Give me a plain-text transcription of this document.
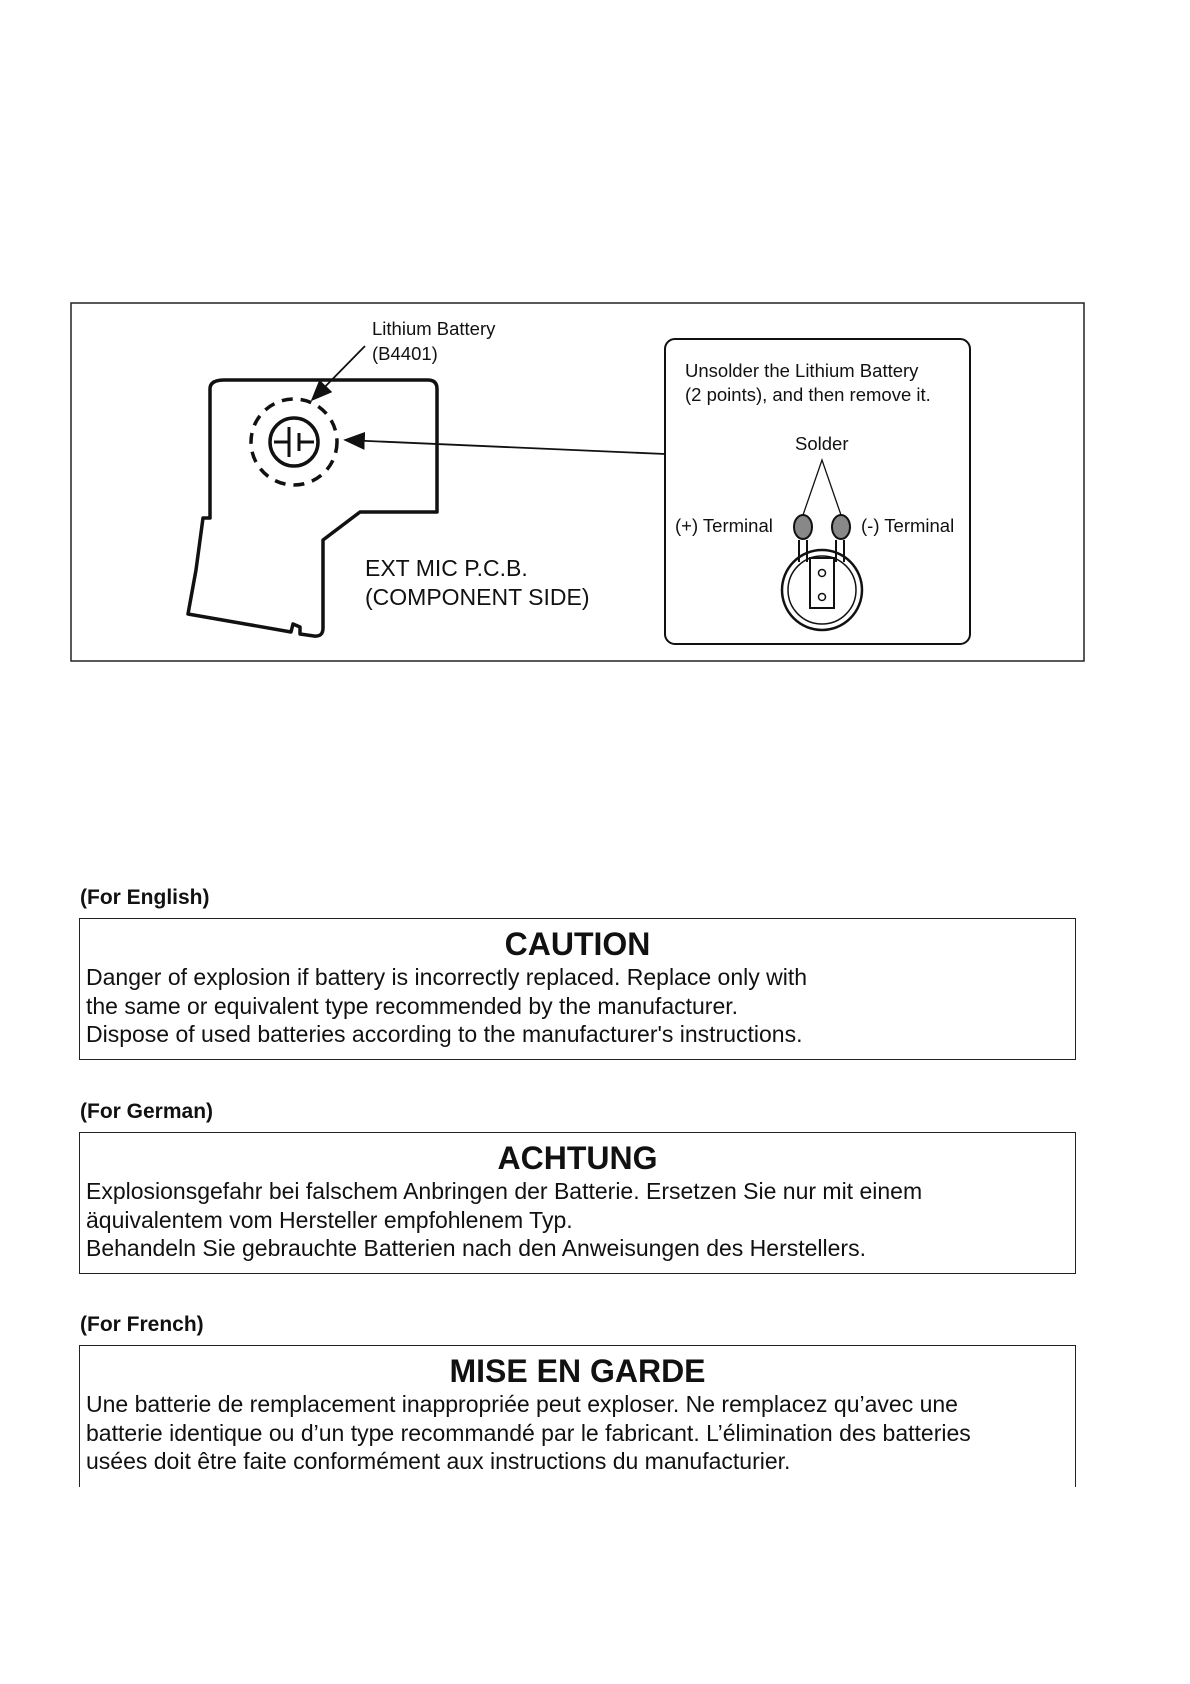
Lithium Battery
(B4401)
EXT MIC P.C.B.
(COMPONENT SIDE)
Unsolder the Lithium Battery
(2 points), and then remove it.
Solder
(+) Terminal	(-) Terminal
(For English)
CAUTION
Danger of explosion if battery is incorrectly replaced. Replace only with
the same or equivalent type recommended by the manufacturer.
Dispose of used batteries according to the manufacturer's instructions.
(For German)
ACHTUNG
Explosionsgefahr bei falschem Anbringen der Batterie. Ersetzen Sie nur mit einem
äquivalentem vom Hersteller empfohlenem Typ.
Behandeln Sie gebrauchte Batterien nach den Anweisungen des Herstellers.
(For French)
MISE EN GARDE
Une batterie de remplacement inappropriée peut exploser. Ne remplacez qu’avec une
batterie identique ou d’un type recommandé par le fabricant. L’élimination des batteries
usées doit être faite conformément aux instructions du manufacturier.
